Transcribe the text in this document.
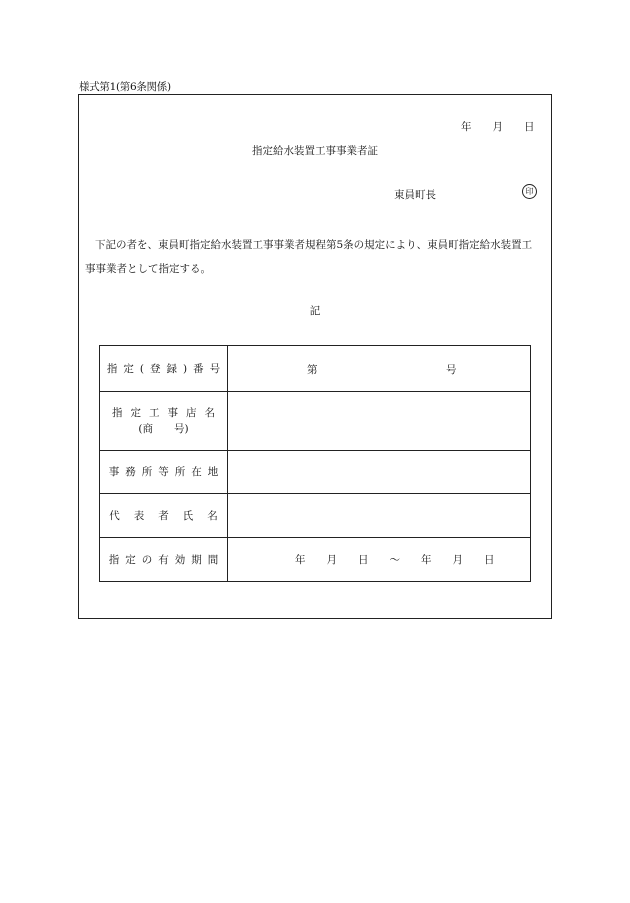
様式第1(第6条関係)
年　　月　　日
指定給水装置工事事業者証
東員町長	印
下記の者を、東員町指定給水装置工事事業者規程第5条の規定により、東員町指定給水装置工事事業者として指定する。
記
指定(登録)番号	第 号

指定工事店名
(商　　号)	

事務所等所在地	
代表者氏名	
指定の有効期間	年　　月　　日　　〜　　年　　月　　日
